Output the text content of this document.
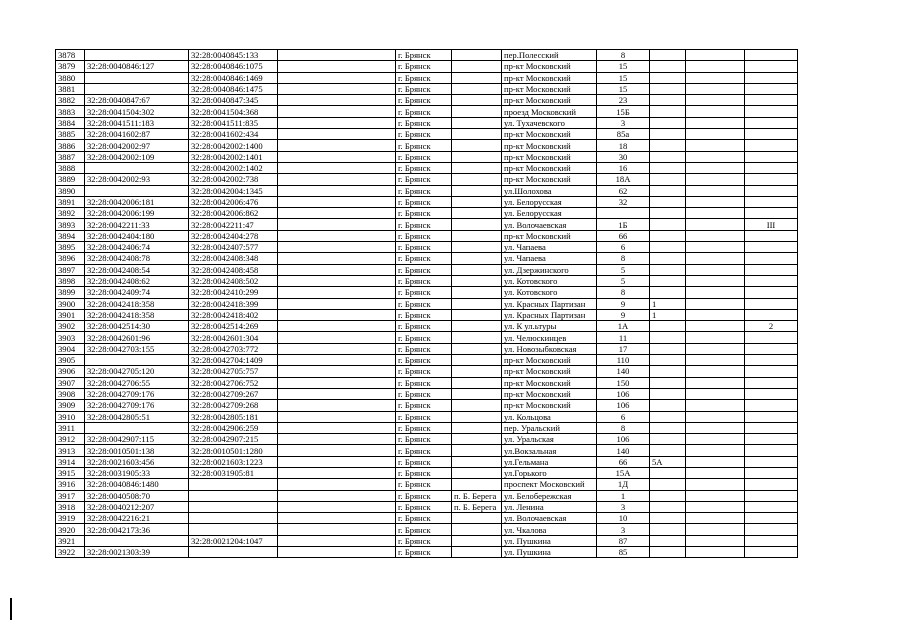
3878		32:28:0040845:133		г. Брянск		пер.Полесский	8			
3879	32:28:0040846:127	32:28:0040846:1075		г. Брянск		пр-кт Московский	15			
3880		32:28:0040846:1469		г. Брянск		пр-кт Московский	15			
3881		32:28:0040846:1475		г. Брянск		пр-кт Московский	15			
3882	32:28:0040847:67	32:28:0040847:345		г. Брянск		пр-кт Московский	23			
3883	32:28:0041504:302	32:28:0041504:368		г. Брянск		проезд Московский	15Б			
3884	32:28:0041511:183	32:28:0041511:835		г. Брянск		ул. Тухачевского	3			
3885	32:28:0041602:87	32:28:0041602:434		г. Брянск		пр-кт Московский	85а			
3886	32:28:0042002:97	32:28:0042002:1400		г. Брянск		пр-кт Московский	18			
3887	32:28:0042002:109	32:28:0042002:1401		г. Брянск		пр-кт Московский	30			
3888		32:28:0042002:1402		г. Брянск		пр-кт Московский	16			
3889	32:28:0042002:93	32:28:0042002:738		г. Брянск		пр-кт Московский	18А			
3890		32:28:0042004:1345		г. Брянск		ул.Шолохова	62			
3891	32:28:0042006:181	32:28:0042006:476		г. Брянск		ул. Белорусская	32			
3892	32:28:0042006:199	32:28:0042006:862		г. Брянск		ул. Белорусская				
3893	32:28:0042211:33	32:28:0042211:47		г. Брянск		ул. Волочаевская	1Б			III
3894	32:28:0042404:180	32:28:0042404:278		г. Брянск		пр-кт Московский	66			
3895	32:28:0042406:74	32:28:0042407:577		г. Брянск		ул. Чапаева	6			
3896	32:28:0042408:78	32:28:0042408:348		г. Брянск		ул. Чапаева	8			
3897	32:28:0042408:54	32:28:0042408:458		г. Брянск		ул. Дзержинского	5			
3898	32:28:0042408:62	32:28:0042408:502		г. Брянск		ул. Котовского	5			
3899	32:28:0042409:74	32:28:0042410:299		г. Брянск		ул. Котовского	8			
3900	32:28:0042418:358	32:28:0042418:399		г. Брянск		ул. Красных Партизан	9	1		
3901	32:28:0042418:358	32:28:0042418:402		г. Брянск		ул. Красных Партизан	9	1		
3902	32:28:0042514:30	32:28:0042514:269		г. Брянск		ул. К ул.ьтуры	1А			2
3903	32:28:0042601:96	32:28:0042601:304		г. Брянск		ул. Челюскинцев	11			
3904	32:28:0042703:155	32:28:0042703:772		г. Брянск		ул. Новозыбковская	17			
3905		32:28:0042704:1409		г. Брянск		пр-кт Московский	110			
3906	32:28:0042705:120	32:28:0042705:757		г. Брянск		пр-кт Московский	140			
3907	32:28:0042706:55	32:28:0042706:752		г. Брянск		пр-кт Московский	150			
3908	32:28:0042709:176	32:28:0042709:267		г. Брянск		пр-кт Московский	106			
3909	32:28:0042709:176	32:28:0042709:268		г. Брянск		пр-кт Московский	106			
3910	32:28:0042805:51	32:28:0042805:181		г. Брянск		ул. Кольцова	6			
3911		32:28:0042906:259		г. Брянск		пер. Уральский	8			
3912	32:28:0042907:115	32:28:0042907:215		г. Брянск		ул. Уральская	106			
3913	32:28:0010501:138	32:28:0010501:1280		г. Брянск		ул.Вокзальная	140			
3914	32:28:0021603:456	32:28:0021603:1223		г. Брянск		ул.Гельмана	66	5А		
3915	32:28:0031905:33	32:28:0031905:81		г. Брянск		ул.Горького	15А			
3916	32:28:0040846:1480			г. Брянск		проспект Московский	1Д			
3917	32:28:0040508:70			г. Брянск	п. Б. Берега	ул. Белобережская	1			
3918	32:28:0040212:207			г. Брянск	п. Б. Берега	ул. Ленина	3			
3919	32:28:0042216:21			г. Брянск		ул. Волочаевская	10			
3920	32:28:0042173:36			г. Брянск		ул. Чкалова	3			
3921		32:28:0021204:1047		г. Брянск		ул. Пушкина	87			
3922	32:28:0021303:39			г. Брянск		ул. Пушкина	85			
